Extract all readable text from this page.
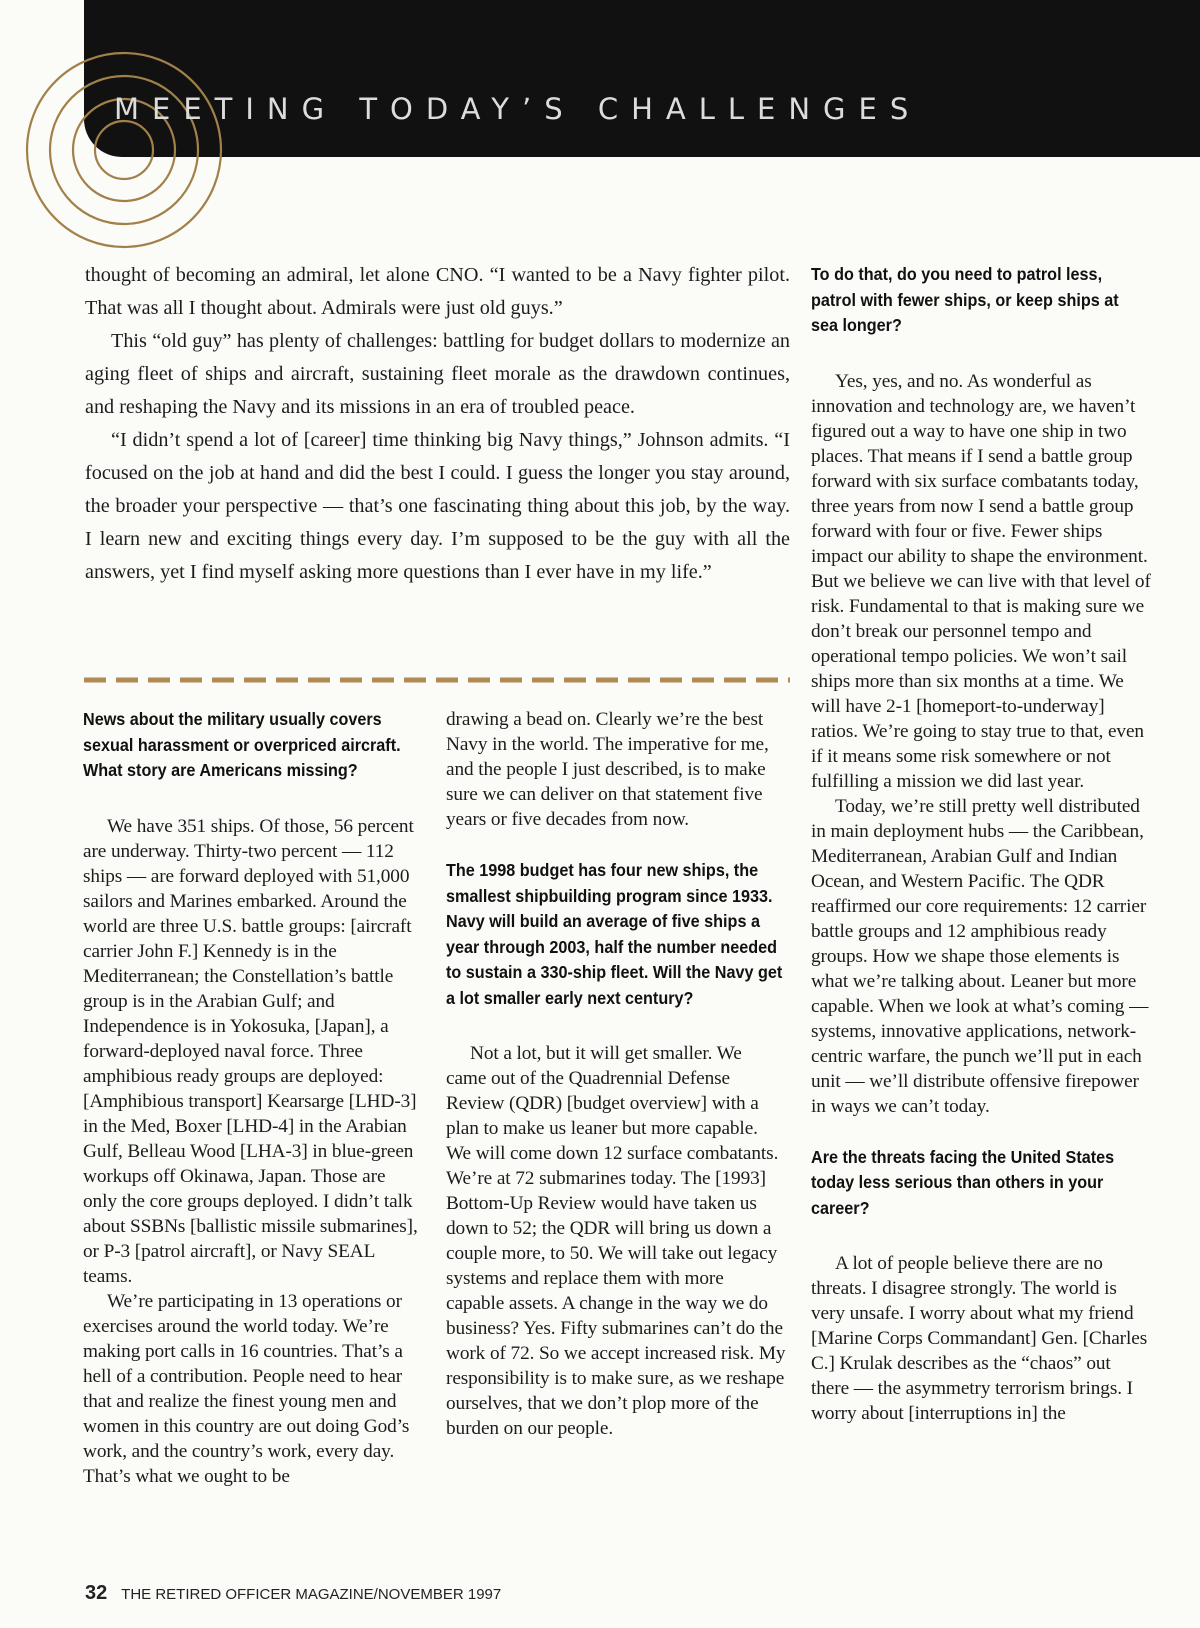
MEETING TODAY’S CHALLENGES

thought of becoming an admiral, let alone CNO. “I wanted to be a Navy fighter pilot. That was all I thought about. Admirals were just old guys.”

This “old guy” has plenty of challenges: battling for budget dollars to modernize an aging fleet of ships and aircraft, sustaining fleet morale as the drawdown continues, and reshaping the Navy and its missions in an era of troubled peace.

“I didn’t spend a lot of [career] time thinking big Navy things,” Johnson admits. “I focused on the job at hand and did the best I could. I guess the longer you stay around, the broader your perspective — that’s one fascinating thing about this job, by the way. I learn new and exciting things every day. I’m supposed to be the guy with all the answers, yet I find myself asking more questions than I ever have in my life.”

News about the military usually covers sexual harassment or overpriced aircraft. What story are Americans missing?

We have 351 ships. Of those, 56 percent are underway. Thirty-two percent — 112 ships — are forward deployed with 51,000 sailors and Marines embarked. Around the world are three U.S. battle groups: [aircraft carrier John F.] Kennedy is in the Mediterranean; the Constellation’s battle group is in the Arabian Gulf; and Independence is in Yokosuka, [Japan], a forward-deployed naval force. Three amphibious ready groups are deployed: [Amphibious transport] Kearsarge [LHD-3] in the Med, Boxer [LHD-4] in the Arabian Gulf, Belleau Wood [LHA-3] in blue-green workups off Okinawa, Japan. Those are only the core groups deployed. I didn’t talk about SSBNs [ballistic missile submarines], or P-3 [patrol aircraft], or Navy SEAL teams.

We’re participating in 13 operations or exercises around the world today. We’re making port calls in 16 countries. That’s a hell of a contribution. People need to hear that and realize the finest young men and women in this country are out doing God’s work, and the country’s work, every day. That’s what we ought to be

drawing a bead on. Clearly we’re the best Navy in the world. The imperative for me, and the people I just described, is to make sure we can deliver on that statement five years or five decades from now.

The 1998 budget has four new ships, the smallest shipbuilding program since 1933. Navy will build an average of five ships a year through 2003, half the number needed to sustain a 330-ship fleet. Will the Navy get a lot smaller early next century?

Not a lot, but it will get smaller. We came out of the Quadrennial Defense Review (QDR) [budget overview] with a plan to make us leaner but more capable. We will come down 12 surface combatants. We’re at 72 submarines today. The [1993] Bottom-Up Review would have taken us down to 52; the QDR will bring us down a couple more, to 50. We will take out legacy systems and replace them with more capable assets. A change in the way we do business? Yes. Fifty submarines can’t do the work of 72. So we accept increased risk. My responsibility is to make sure, as we reshape ourselves, that we don’t plop more of the burden on our people.

To do that, do you need to patrol less, patrol with fewer ships, or keep ships at sea longer?

Yes, yes, and no. As wonderful as innovation and technology are, we haven’t figured out a way to have one ship in two places. That means if I send a battle group forward with six surface combatants today, three years from now I send a battle group forward with four or five. Fewer ships impact our ability to shape the environment. But we believe we can live with that level of risk. Fundamental to that is making sure we don’t break our personnel tempo and operational tempo policies. We won’t sail ships more than six months at a time. We will have 2-1 [homeport-to-underway] ratios. We’re going to stay true to that, even if it means some risk somewhere or not fulfilling a mission we did last year.

Today, we’re still pretty well distributed in main deployment hubs — the Caribbean, Mediterranean, Arabian Gulf and Indian Ocean, and Western Pacific. The QDR reaffirmed our core requirements: 12 carrier battle groups and 12 amphibious ready groups. How we shape those elements is what we’re talking about. Leaner but more capable. When we look at what’s coming — systems, innovative applications, network-centric warfare, the punch we’ll put in each unit — we’ll distribute offensive firepower in ways we can’t today.

Are the threats facing the United States today less serious than others in your career?

A lot of people believe there are no threats. I disagree strongly. The world is very unsafe. I worry about what my friend [Marine Corps Commandant] Gen. [Charles C.] Krulak describes as the “chaos” out there — the asymmetry terrorism brings. I worry about [interruptions in] the

32 THE RETIRED OFFICER MAGAZINE/NOVEMBER 1997
